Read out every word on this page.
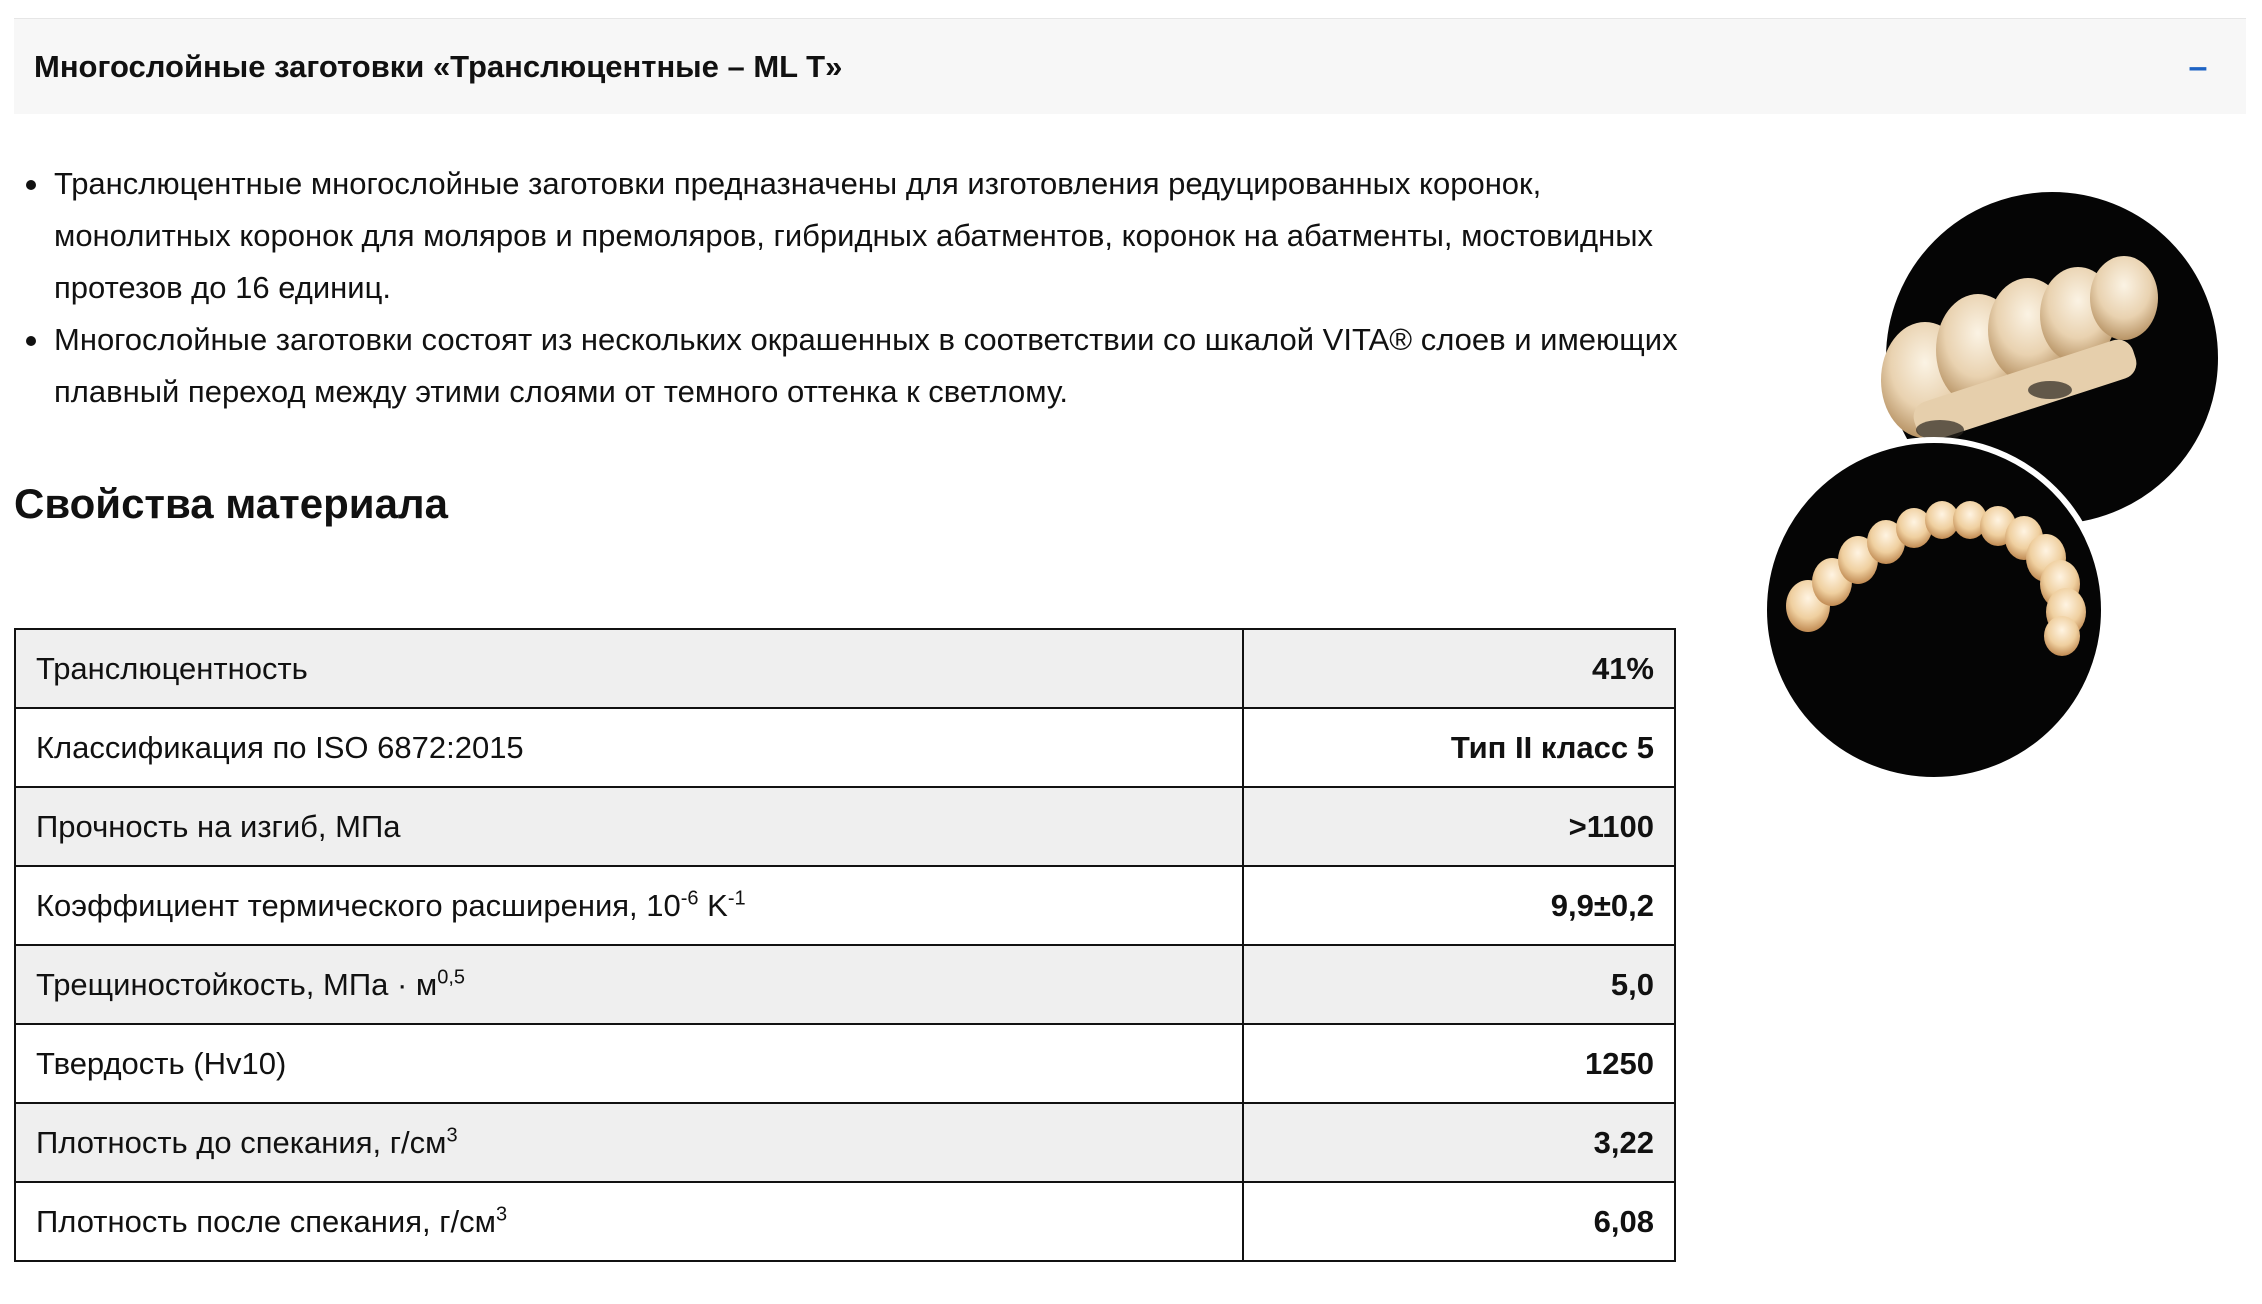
Многослойные заготовки «Транслюцентные – ML T»	–
Транслюцентные многослойные заготовки предназначены для изготовления редуцированных коронок, монолитных коронок для моляров и премоляров, гибридных абатментов, коронок на абатменты, мостовидных протезов до 16 единиц.
Многослойные заготовки состоят из нескольких окрашенных в соответствии со шкалой VITA® слоев и имеющих плавный переход между этими слоями от темного оттенка к светлому.
Свойства материала
Транслюцентность	41%
Классификация по ISO 6872:2015	Тип II класс 5
Прочность на изгиб, МПа	>1100
Коэффициент термического расширения, $10^{-6}$ $K^{-1}$	9,9±0,2
Трещиностойкость, МПа · $м^{0,5}$	5,0
Твердость (Hv10)	1250
Плотность до спекания, $г/см^3$	3,22
Плотность после спекания, $г/см^3$	6,08
